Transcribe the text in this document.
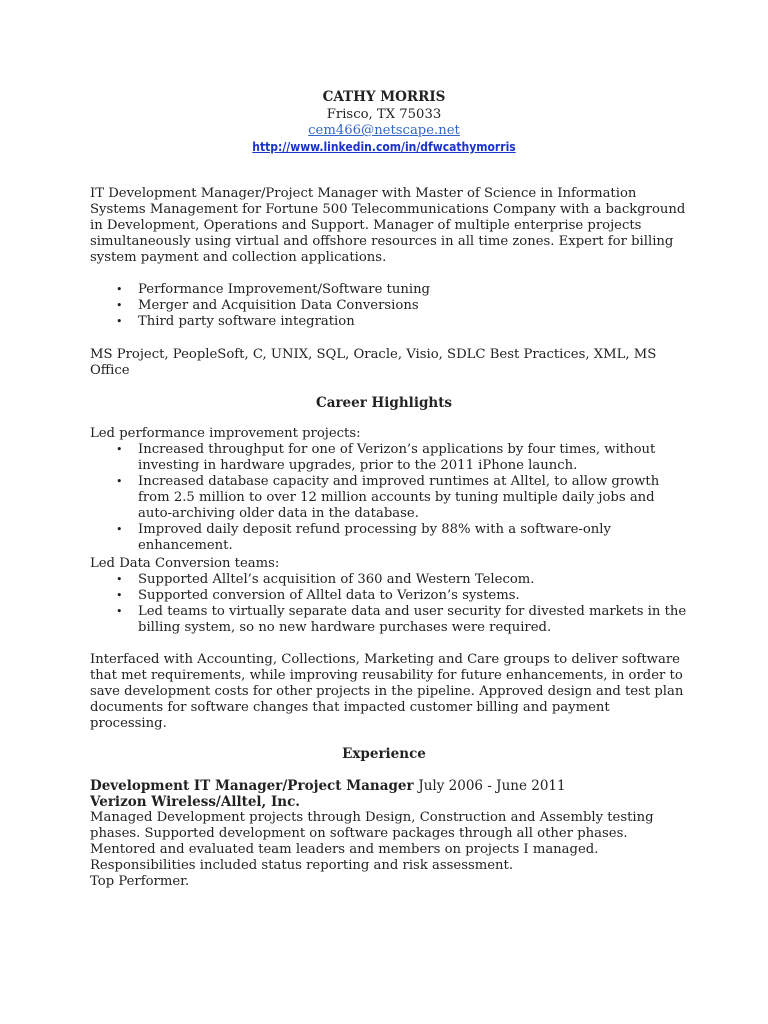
CATHY MORRIS
Frisco, TX 75033
cem466@netscape.net
http://www.linkedin.com/in/dfwcathymorris

IT Development Manager/Project Manager with Master of Science in Information Systems Management for Fortune 500 Telecommunications Company with a background in Development, Operations and Support. Manager of multiple enterprise projects simultaneously using virtual and offshore resources in all time zones. Expert for billing system payment and collection applications.

• Performance Improvement/Software tuning
• Merger and Acquisition Data Conversions
• Third party software integration

MS Project, PeopleSoft, C, UNIX, SQL, Oracle, Visio, SDLC Best Practices, XML, MS Office

Career Highlights

Led performance improvement projects:

• Increased throughput for one of Verizon’s applications by four times, without investing in hardware upgrades, prior to the 2011 iPhone launch.
• Increased database capacity and improved runtimes at Alltel, to allow growth from 2.5 million to over 12 million accounts by tuning multiple daily jobs and auto-archiving older data in the database.
• Improved daily deposit refund processing by 88% with a software-only enhancement.

Led Data Conversion teams:

• Supported Alltel’s acquisition of 360 and Western Telecom.
• Supported conversion of Alltel data to Verizon’s systems.
• Led teams to virtually separate data and user security for divested markets in the billing system, so no new hardware purchases were required.

Interfaced with Accounting, Collections, Marketing and Care groups to deliver software that met requirements, while improving reusability for future enhancements, in order to save development costs for other projects in the pipeline. Approved design and test plan documents for software changes that impacted customer billing and payment processing.

Experience
Development IT Manager/Project Manager July 2006 - June 2011
Verizon Wireless/Alltel, Inc.

Managed Development projects through Design, Construction and Assembly testing phases. Supported development on software packages through all other phases. Mentored and evaluated team leaders and members on projects I managed. Responsibilities included status reporting and risk assessment.

Top Performer.
